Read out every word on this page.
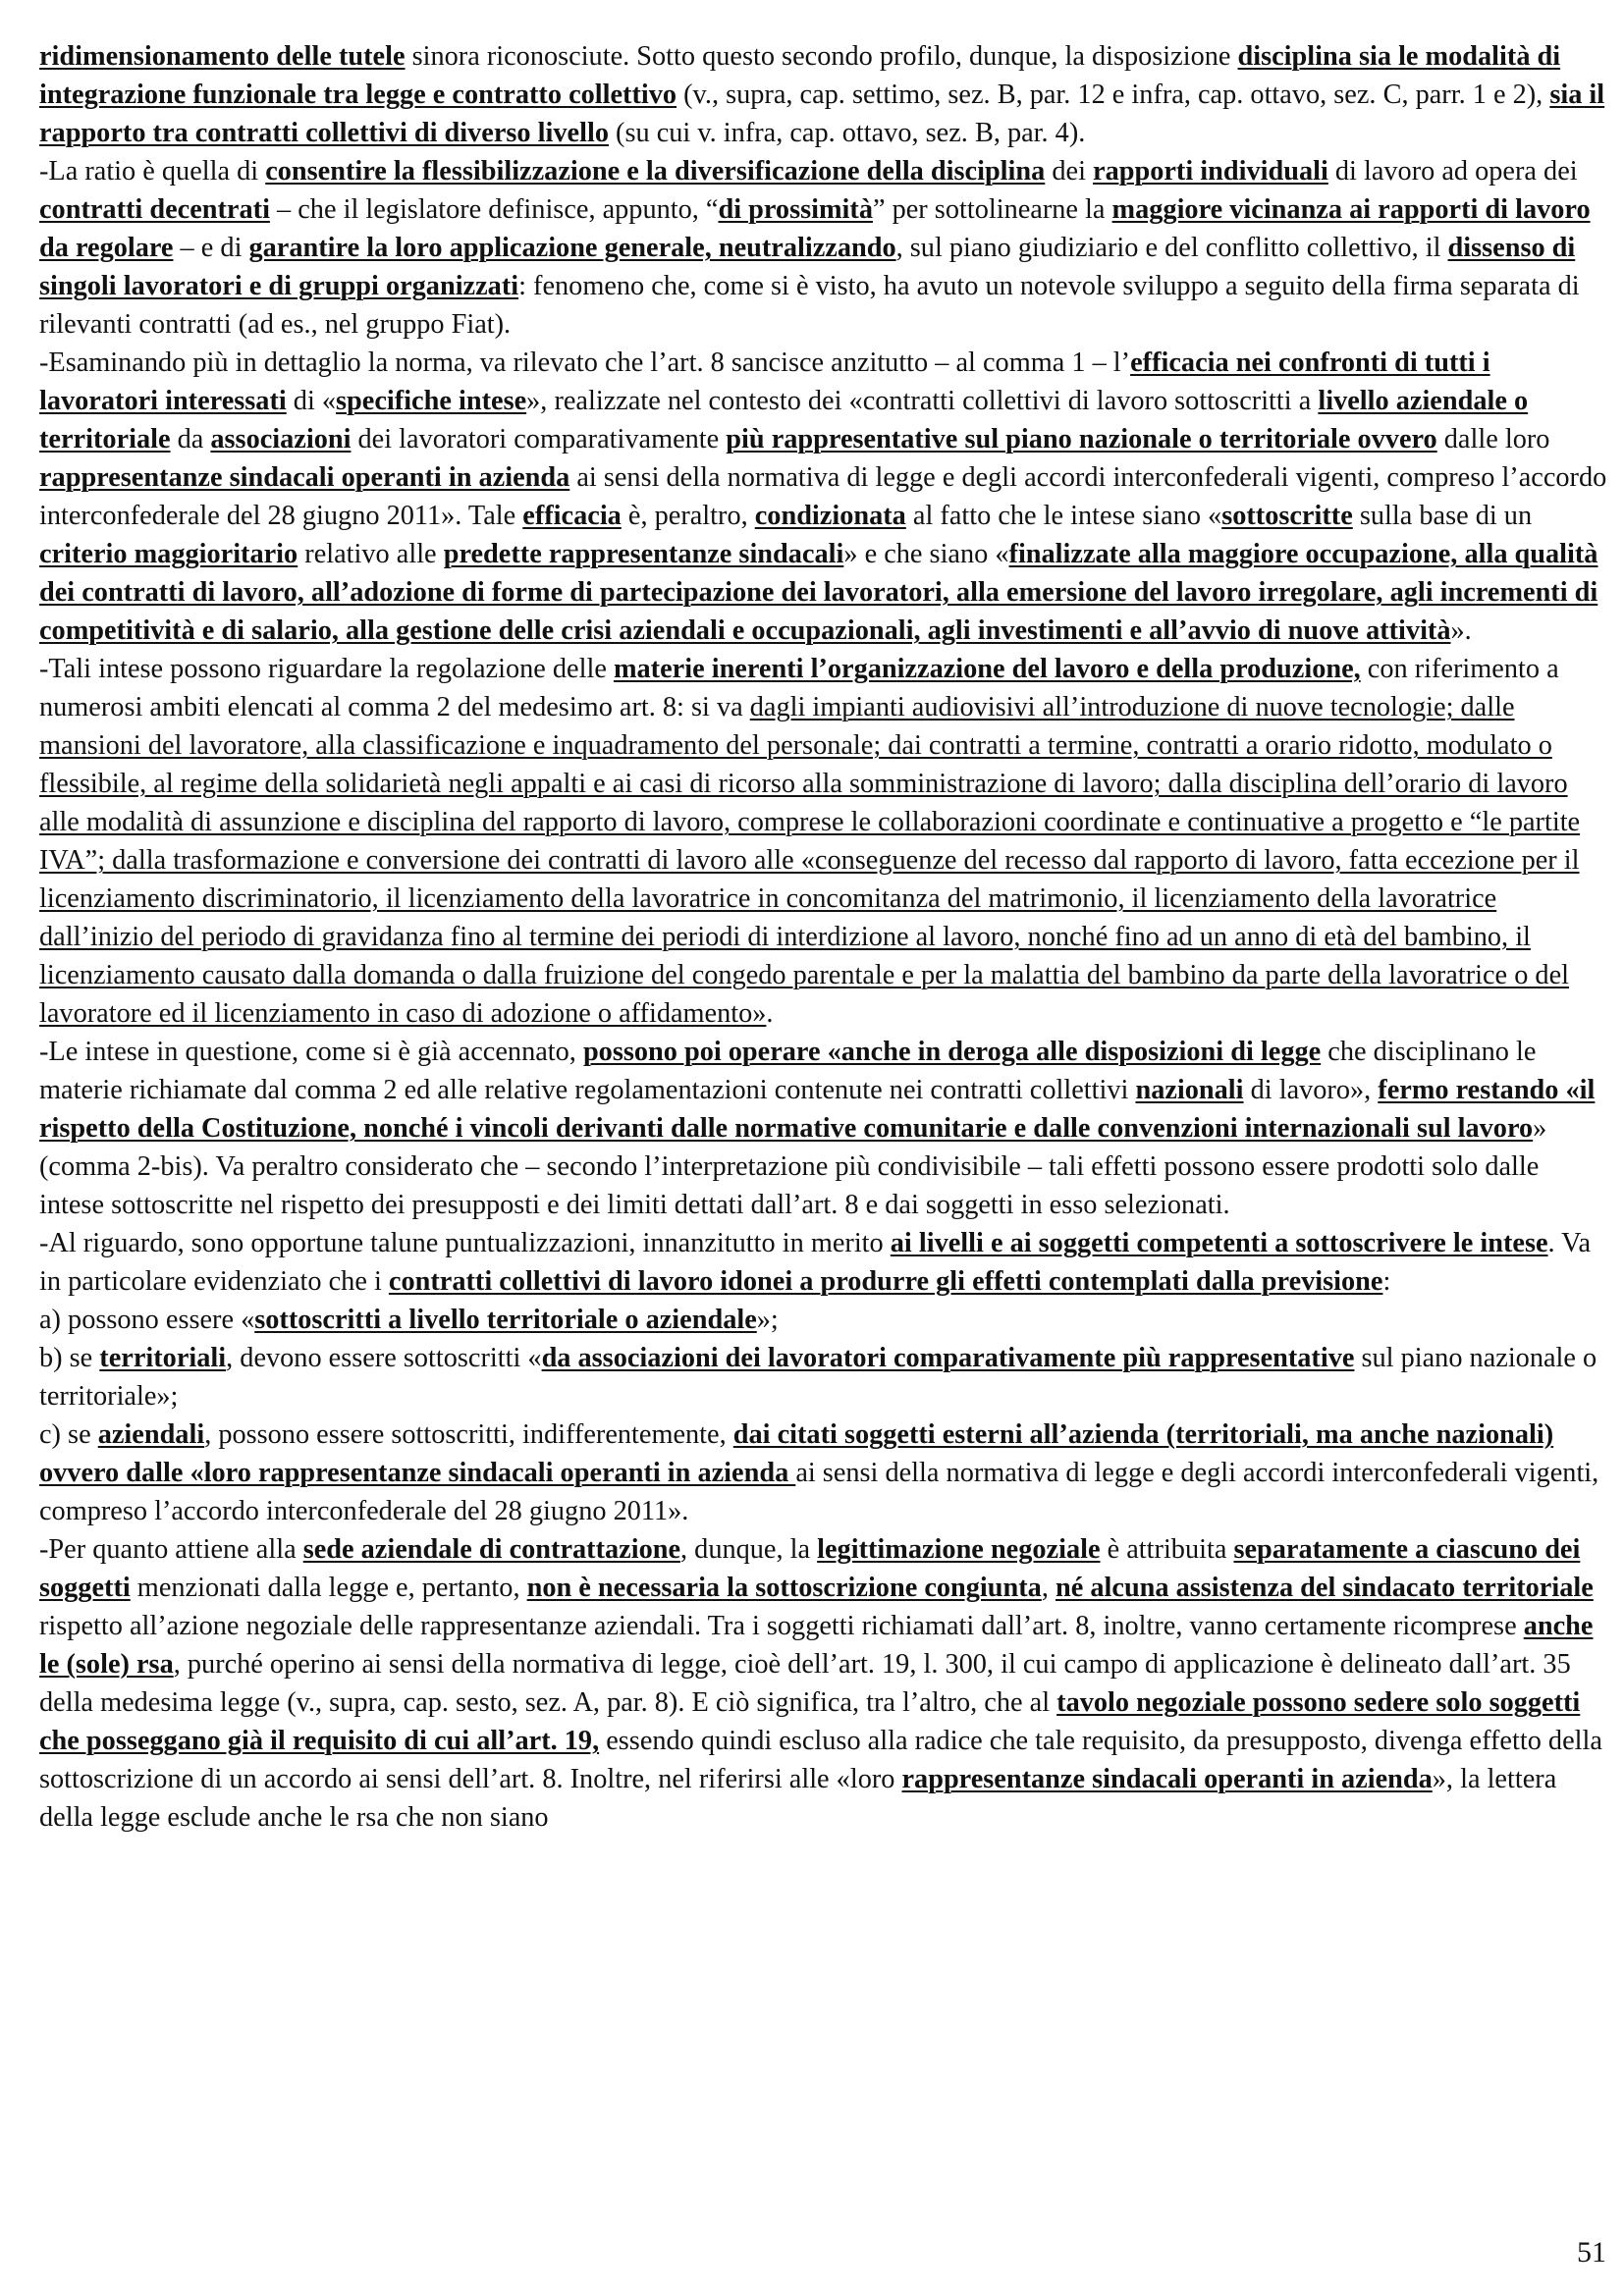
ridimensionamento delle tutele sinora riconosciute. Sotto questo secondo profilo, dunque, la disposizione disciplina sia le modalità di integrazione funzionale tra legge e contratto collettivo (v., supra, cap. settimo, sez. B, par. 12 e infra, cap. ottavo, sez. C, parr. 1 e 2), sia il rapporto tra contratti collettivi di diverso livello (su cui v. infra, cap. ottavo, sez. B, par. 4).

-La ratio è quella di consentire la flessibilizzazione e la diversificazione della disciplina dei rapporti individuali di lavoro ad opera dei contratti decentrati – che il legislatore definisce, appunto, “di prossimità” per sottolinearne la maggiore vicinanza ai rapporti di lavoro da regolare – e di garantire la loro applicazione generale, neutralizzando, sul piano giudiziario e del conflitto collettivo, il dissenso di singoli lavoratori e di gruppi organizzati: fenomeno che, come si è visto, ha avuto un notevole sviluppo a seguito della firma separata di rilevanti contratti (ad es., nel gruppo Fiat).

-Esaminando più in dettaglio la norma, va rilevato che l’art. 8 sancisce anzitutto – al comma 1 – l’efficacia nei confronti di tutti i lavoratori interessati di «specifiche intese», realizzate nel contesto dei «contratti collettivi di lavoro sottoscritti a livello aziendale o territoriale da associazioni dei lavoratori comparativamente più rappresentative sul piano nazionale o territoriale ovvero dalle loro rappresentanze sindacali operanti in azienda ai sensi della normativa di legge e degli accordi interconfederali vigenti, compreso l’accordo interconfederale del 28 giugno 2011». Tale efficacia è, peraltro, condizionata al fatto che le intese siano «sottoscritte sulla base di un criterio maggioritario relativo alle predette rappresentanze sindacali» e che siano «finalizzate alla maggiore occupazione, alla qualità dei contratti di lavoro, all’adozione di forme di partecipazione dei lavoratori, alla emersione del lavoro irregolare, agli incrementi di competitività e di salario, alla gestione delle crisi aziendali e occupazionali, agli investimenti e all’avvio di nuove attività».

-Tali intese possono riguardare la regolazione delle materie inerenti l’organizzazione del lavoro e della produzione, con riferimento a numerosi ambiti elencati al comma 2 del medesimo art. 8: si va dagli impianti audiovisivi all’introduzione di nuove tecnologie; dalle mansioni del lavoratore, alla classificazione e inquadramento del personale; dai contratti a termine, contratti a orario ridotto, modulato o flessibile, al regime della solidarietà negli appalti e ai casi di ricorso alla somministrazione di lavoro; dalla disciplina dell’orario di lavoro alle modalità di assunzione e disciplina del rapporto di lavoro, comprese le collaborazioni coordinate e continuative a progetto e “le partite IVA”; dalla trasformazione e conversione dei contratti di lavoro alle «conseguenze del recesso dal rapporto di lavoro, fatta eccezione per il licenziamento discriminatorio, il licenziamento della lavoratrice in concomitanza del matrimonio, il licenziamento della lavoratrice dall’inizio del periodo di gravidanza fino al termine dei periodi di interdizione al lavoro, nonché fino ad un anno di età del bambino, il licenziamento causato dalla domanda o dalla fruizione del congedo parentale e per la malattia del bambino da parte della lavoratrice o del lavoratore ed il licenziamento in caso di adozione o affidamento».

-Le intese in questione, come si è già accennato, possono poi operare «anche in deroga alle disposizioni di legge che disciplinano le materie richiamate dal comma 2 ed alle relative regolamentazioni contenute nei contratti collettivi nazionali di lavoro», fermo restando «il rispetto della Costituzione, nonché i vincoli derivanti dalle normative comunitarie e dalle convenzioni internazionali sul lavoro» (comma 2-bis). Va peraltro considerato che – secondo l’interpretazione più condivisibile – tali effetti possono essere prodotti solo dalle intese sottoscritte nel rispetto dei presupposti e dei limiti dettati dall’art. 8 e dai soggetti in esso selezionati.

-Al riguardo, sono opportune talune puntualizzazioni, innanzitutto in merito ai livelli e ai soggetti competenti a sottoscrivere le intese. Va in particolare evidenziato che i contratti collettivi di lavoro idonei a produrre gli effetti contemplati dalla previsione:

a) possono essere «sottoscritti a livello territoriale o aziendale»;

b) se territoriali, devono essere sottoscritti «da associazioni dei lavoratori comparativamente più rappresentative sul piano nazionale o territoriale»;

c) se aziendali, possono essere sottoscritti, indifferentemente, dai citati soggetti esterni all’azienda (territoriali, ma anche nazionali) ovvero dalle «loro rappresentanze sindacali operanti in azienda ai sensi della normativa di legge e degli accordi interconfederali vigenti, compreso l’accordo interconfederale del 28 giugno 2011».

-Per quanto attiene alla sede aziendale di contrattazione, dunque, la legittimazione negoziale è attribuita separatamente a ciascuno dei soggetti menzionati dalla legge e, pertanto, non è necessaria la sottoscrizione congiunta, né alcuna assistenza del sindacato territoriale rispetto all’azione negoziale delle rappresentanze aziendali. Tra i soggetti richiamati dall’art. 8, inoltre, vanno certamente ricomprese anche le (sole) rsa, purché operino ai sensi della normativa di legge, cioè dell’art. 19, l. 300, il cui campo di applicazione è delineato dall’art. 35 della medesima legge (v., supra, cap. sesto, sez. A, par. 8). E ciò significa, tra l’altro, che al tavolo negoziale possono sedere solo soggetti che posseggano già il requisito di cui all’art. 19, essendo quindi escluso alla radice che tale requisito, da presupposto, divenga effetto della sottoscrizione di un accordo ai sensi dell’art. 8. Inoltre, nel riferirsi alle «loro rappresentanze sindacali operanti in azienda», la lettera della legge esclude anche le rsa che non siano

51
